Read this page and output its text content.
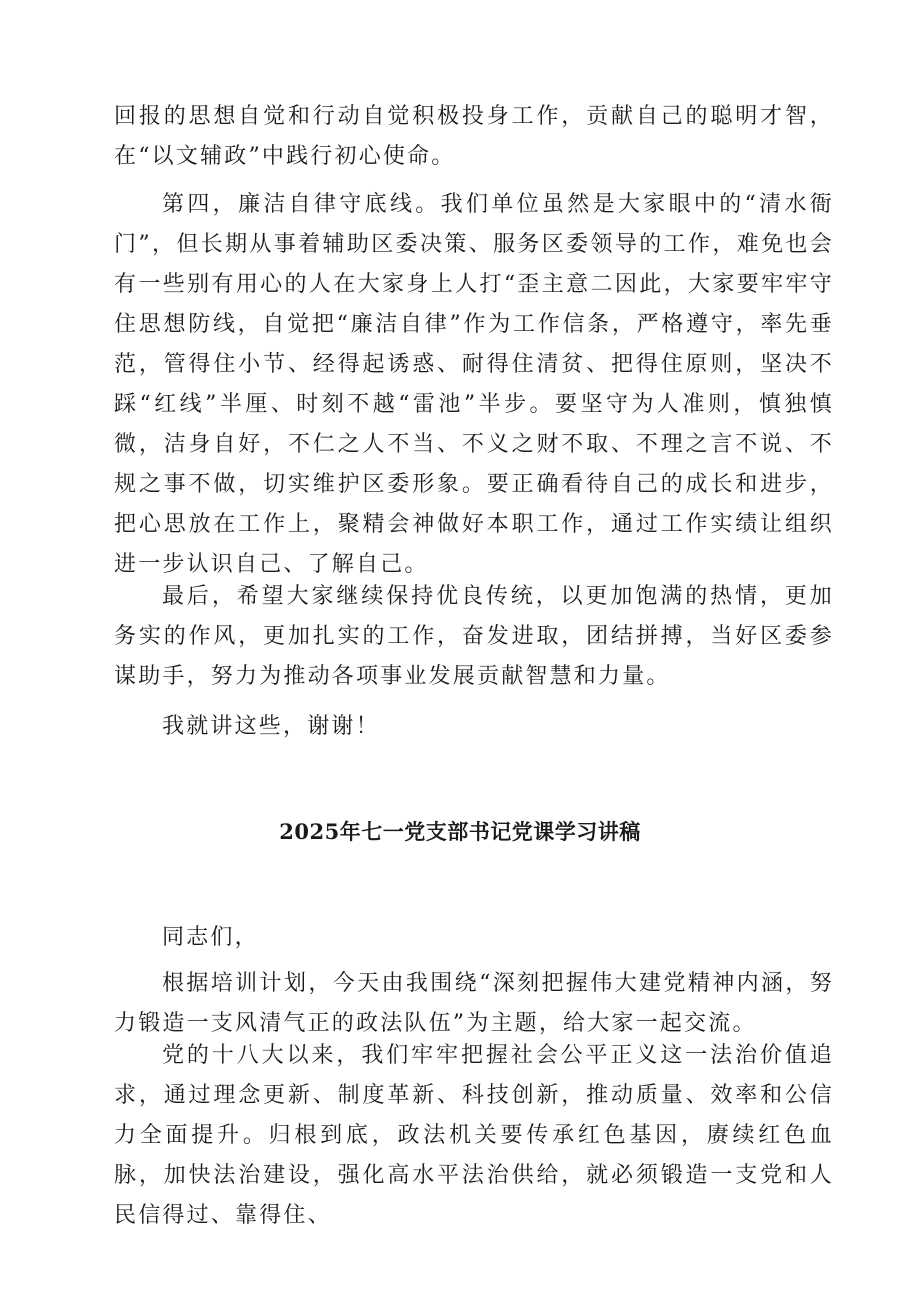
回报的思想自觉和行动自觉积极投身工作，贡献自己的聪明才智，在“以文辅政”中践行初心使命。

第四，廉洁自律守底线。我们单位虽然是大家眼中的“清水衙门”，但长期从事着辅助区委决策、服务区委领导的工作，难免也会有一些别有用心的人在大家身上人打“歪主意二因此，大家要牢牢守住思想防线，自觉把“廉洁自律”作为工作信条，严格遵守，率先垂范，管得住小节、经得起诱惑、耐得住清贫、把得住原则，坚决不踩“红线”半厘、时刻不越“雷池”半步。要坚守为人准则，慎独慎微，洁身自好，不仁之人不当、不义之财不取、不理之言不说、不规之事不做，切实维护区委形象。要正确看待自己的成长和进步，把心思放在工作上，聚精会神做好本职工作，通过工作实绩让组织进一步认识自己、了解自己。

最后，希望大家继续保持优良传统，以更加饱满的热情，更加务实的作风，更加扎实的工作，奋发进取，团结拼搏，当好区委参谋助手，努力为推动各项事业发展贡献智慧和力量。

我就讲这些，谢谢！

2025年七一党支部书记党课学习讲稿

同志们，

根据培训计划，今天由我围绕“深刻把握伟大建党精神内涵，努力锻造一支风清气正的政法队伍”为主题，给大家一起交流。

党的十八大以来，我们牢牢把握社会公平正义这一法治价值追求，通过理念更新、制度革新、科技创新，推动质量、效率和公信力全面提升。归根到底，政法机关要传承红色基因，赓续红色血脉，加快法治建设，强化高水平法治供给，就必须锻造一支党和人民信得过、靠得住、
